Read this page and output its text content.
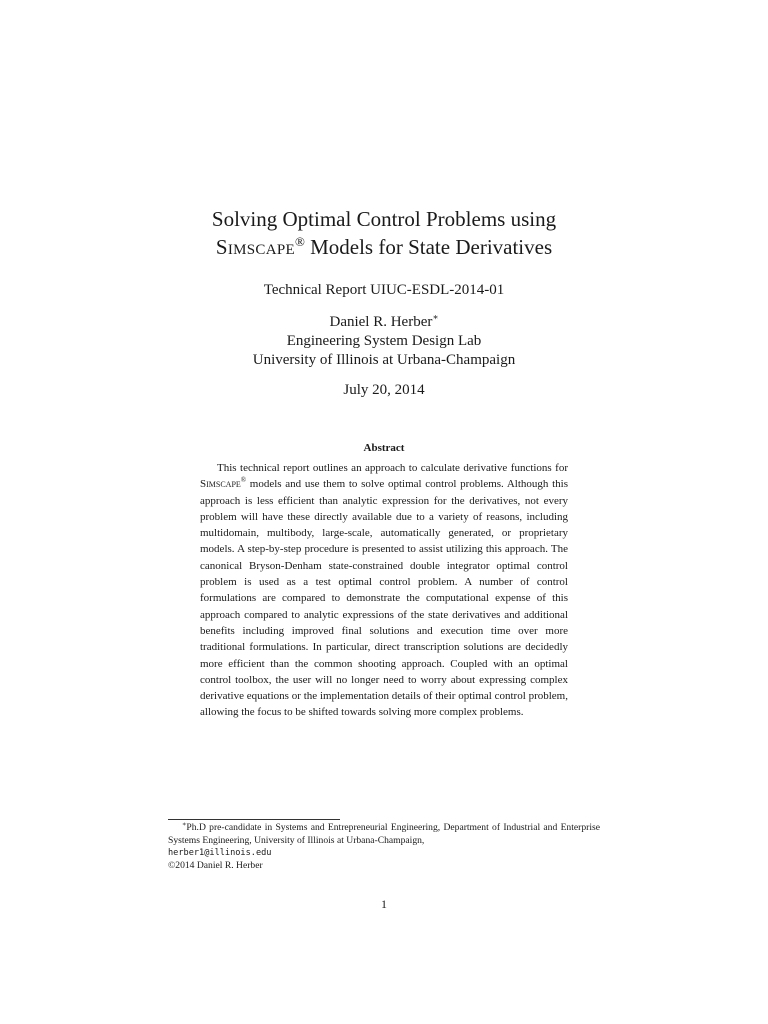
Solving Optimal Control Problems using
Simscape® Models for State Derivatives
Technical Report UIUC-ESDL-2014-01
Daniel R. Herber∗
Engineering System Design Lab
University of Illinois at Urbana-Champaign
July 20, 2014
Abstract
This technical report outlines an approach to calculate derivative functions for Simscape® models and use them to solve optimal control problems. Although this approach is less efficient than analytic expression for the derivatives, not every problem will have these directly available due to a variety of reasons, including multidomain, multibody, large-scale, automatically generated, or proprietary models. A step-by-step procedure is presented to assist utilizing this approach. The canonical Bryson-Denham state-constrained double integrator optimal control problem is used as a test optimal control problem. A number of control formulations are compared to demonstrate the computational expense of this approach compared to analytic expressions of the state derivatives and additional benefits including improved final solutions and execution time over more traditional formulations. In particular, direct transcription solutions are decidedly more efficient than the common shooting approach. Coupled with an optimal control toolbox, the user will no longer need to worry about expressing complex derivative equations or the implementation details of their optimal control problem, allowing the focus to be shifted towards solving more complex problems.
∗Ph.D pre-candidate in Systems and Entrepreneurial Engineering, Department of Industrial and Enterprise Systems Engineering, University of Illinois at Urbana-Champaign,
herber1@illinois.edu
©2014 Daniel R. Herber
1
